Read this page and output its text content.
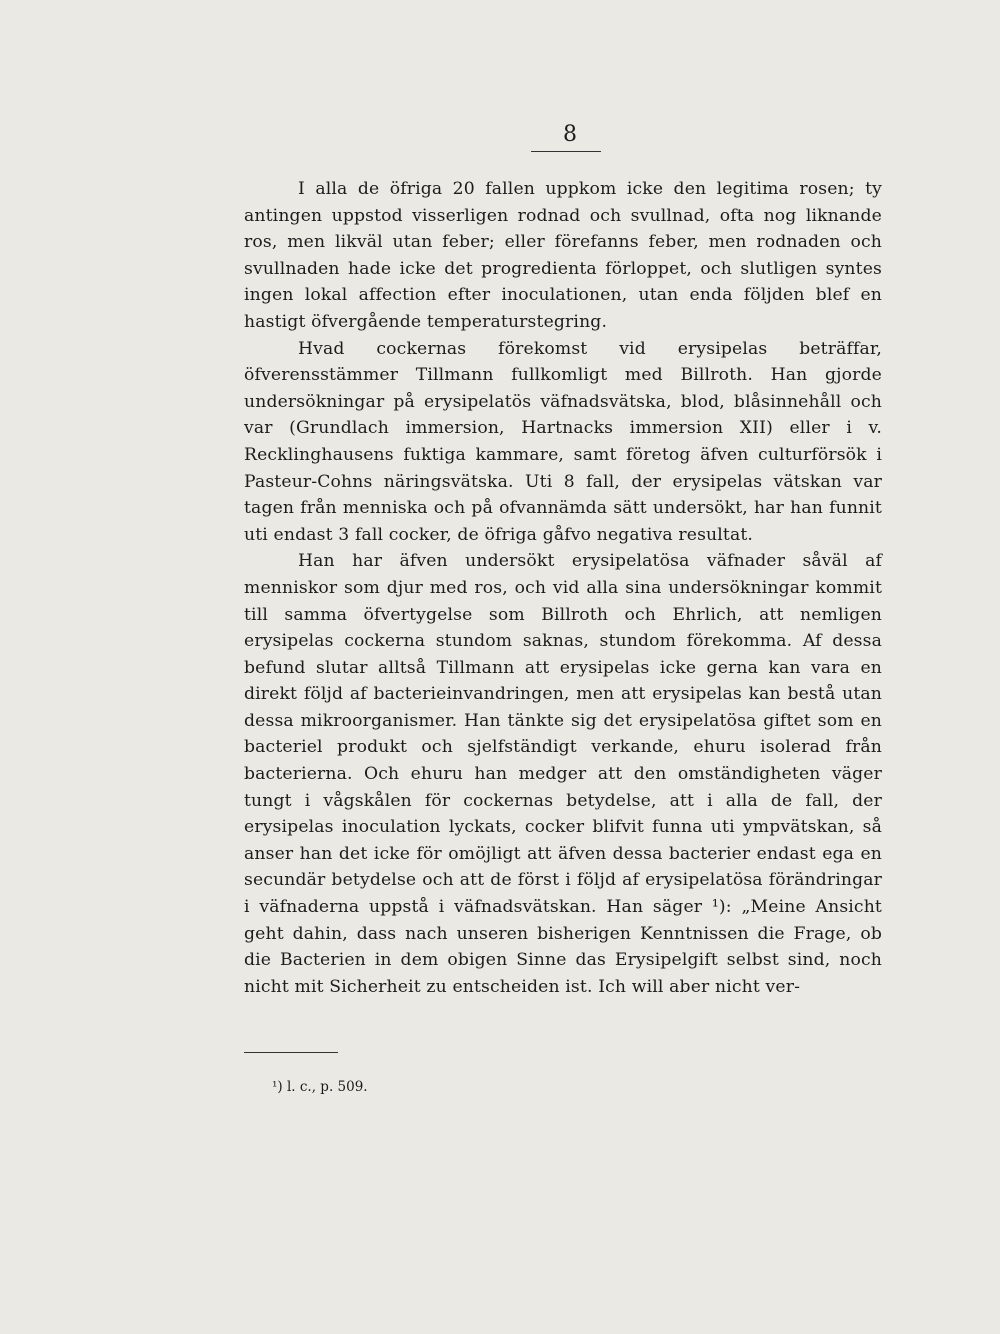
8

I alla de öfriga 20 fallen uppkom icke den legitima rosen; ty antingen uppstod visserligen rodnad och svullnad, ofta nog liknande ros, men likväl utan feber; eller förefanns feber, men rodnaden och svullnaden hade icke det progredienta förloppet, och slutligen syntes ingen lokal affection efter inoculationen, utan enda följden blef en hastigt öfvergående temperaturstegring.

Hvad cockernas förekomst vid erysipelas beträffar, öfverensstämmer Tillmann fullkomligt med Billroth. Han gjorde undersökningar på erysipelatös väfnadsvätska, blod, blåsinnehåll och var (Grundlach immersion, Hartnacks immersion XII) eller i v. Recklinghausens fuktiga kammare, samt företog äfven culturförsök i Pasteur-Cohns näringsvätska. Uti 8 fall, der erysipelas vätskan var tagen från menniska och på ofvannämda sätt undersökt, har han funnit uti endast 3 fall cocker, de öfriga gåfvo negativa resultat.

Han har äfven undersökt erysipelatösa väfnader såväl af menniskor som djur med ros, och vid alla sina undersökningar kommit till samma öfvertygelse som Billroth och Ehrlich, att nemligen erysipelas cockerna stundom saknas, stundom förekomma. Af dessa befund slutar alltså Tillmann att erysipelas icke gerna kan vara en direkt följd af bacterieinvandringen, men att erysipelas kan bestå utan dessa mikroorganismer. Han tänkte sig det erysipelatösa giftet som en bacteriel produkt och sjelfständigt verkande, ehuru isolerad från bacterierna. Och ehuru han medger att den omständigheten väger tungt i vågskålen för cockernas betydelse, att i alla de fall, der erysipelas inoculation lyckats, cocker blifvit funna uti ympvätskan, så anser han det icke för omöjligt att äfven dessa bacterier endast ega en secundär betydelse och att de först i följd af erysipelatösa förändringar i väfnaderna uppstå i väfnadsvätskan. Han säger ¹): „Meine Ansicht geht dahin, dass nach unseren bisherigen Kenntnissen die Frage, ob die Bacterien in dem obigen Sinne das Erysipelgift selbst sind, noch nicht mit Sicherheit zu entscheiden ist. Ich will aber nicht ver-

¹) l. c., p. 509.
